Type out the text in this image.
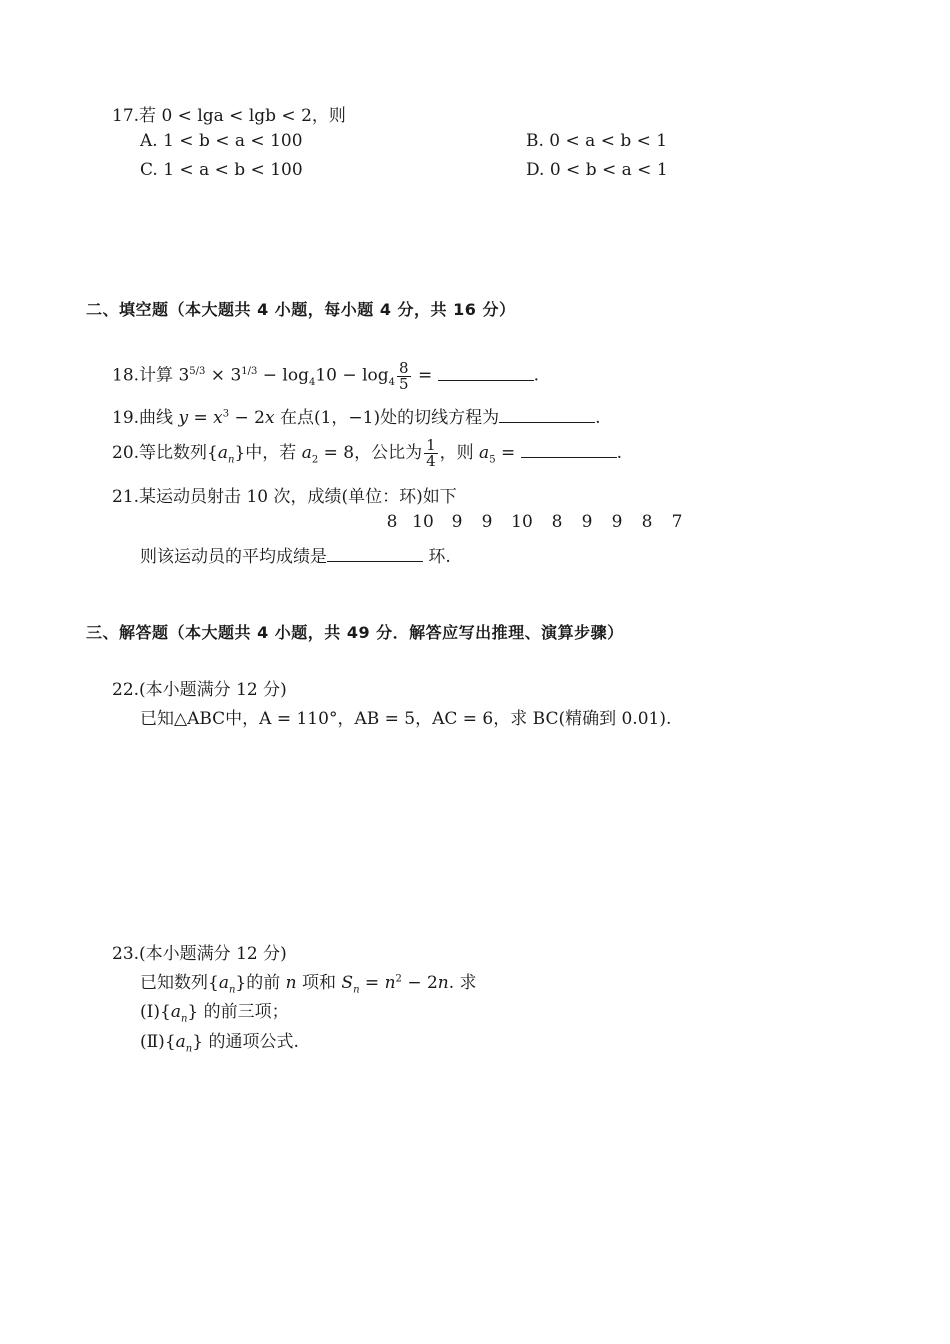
17.若 0 < lga < lgb < 2，则
A. 1 < b < a < 100	B. 0 < a < b < 1
C. 1 < a < b < 100	D. 0 < b < a < 1
二、填空题（本大题共 4 小题，每小题 4 分，共 16 分）
18.计算 $3^{5/3} \times 3^{1/3} - \log_410 - \log_4 \frac{8}{5}$ =	.
19.曲线 $y = x^3 - 2x$ 在点(1，−1)处的切线方程为	.
20.等比数列$\{a_n\}$中，若 $a_2 = 8$，公比为 $\frac{1}{4}$ ，则 $a_5$ =	.
21.某运动员射击 10 次，成绩(单位：环)如下
8 10 9 9 10 8 9 9 8 7
则该运动员的平均成绩是	环.
三、解答题（本大题共 4 小题，共 49 分．解答应写出推理、演算步骤）
22.(本小题满分 12 分)
已知△ABC中，A = 110°，AB = 5，AC = 6，求 BC(精确到 0.01).
23.(本小题满分 12 分)
已知数列$\{a_n\}$的前 n 项和 $S_n = n^2 - 2n$. 求
$(Ⅰ)\{a_n\}$ 的前三项；
$(Ⅱ)\{a_n\}$ 的通项公式.
